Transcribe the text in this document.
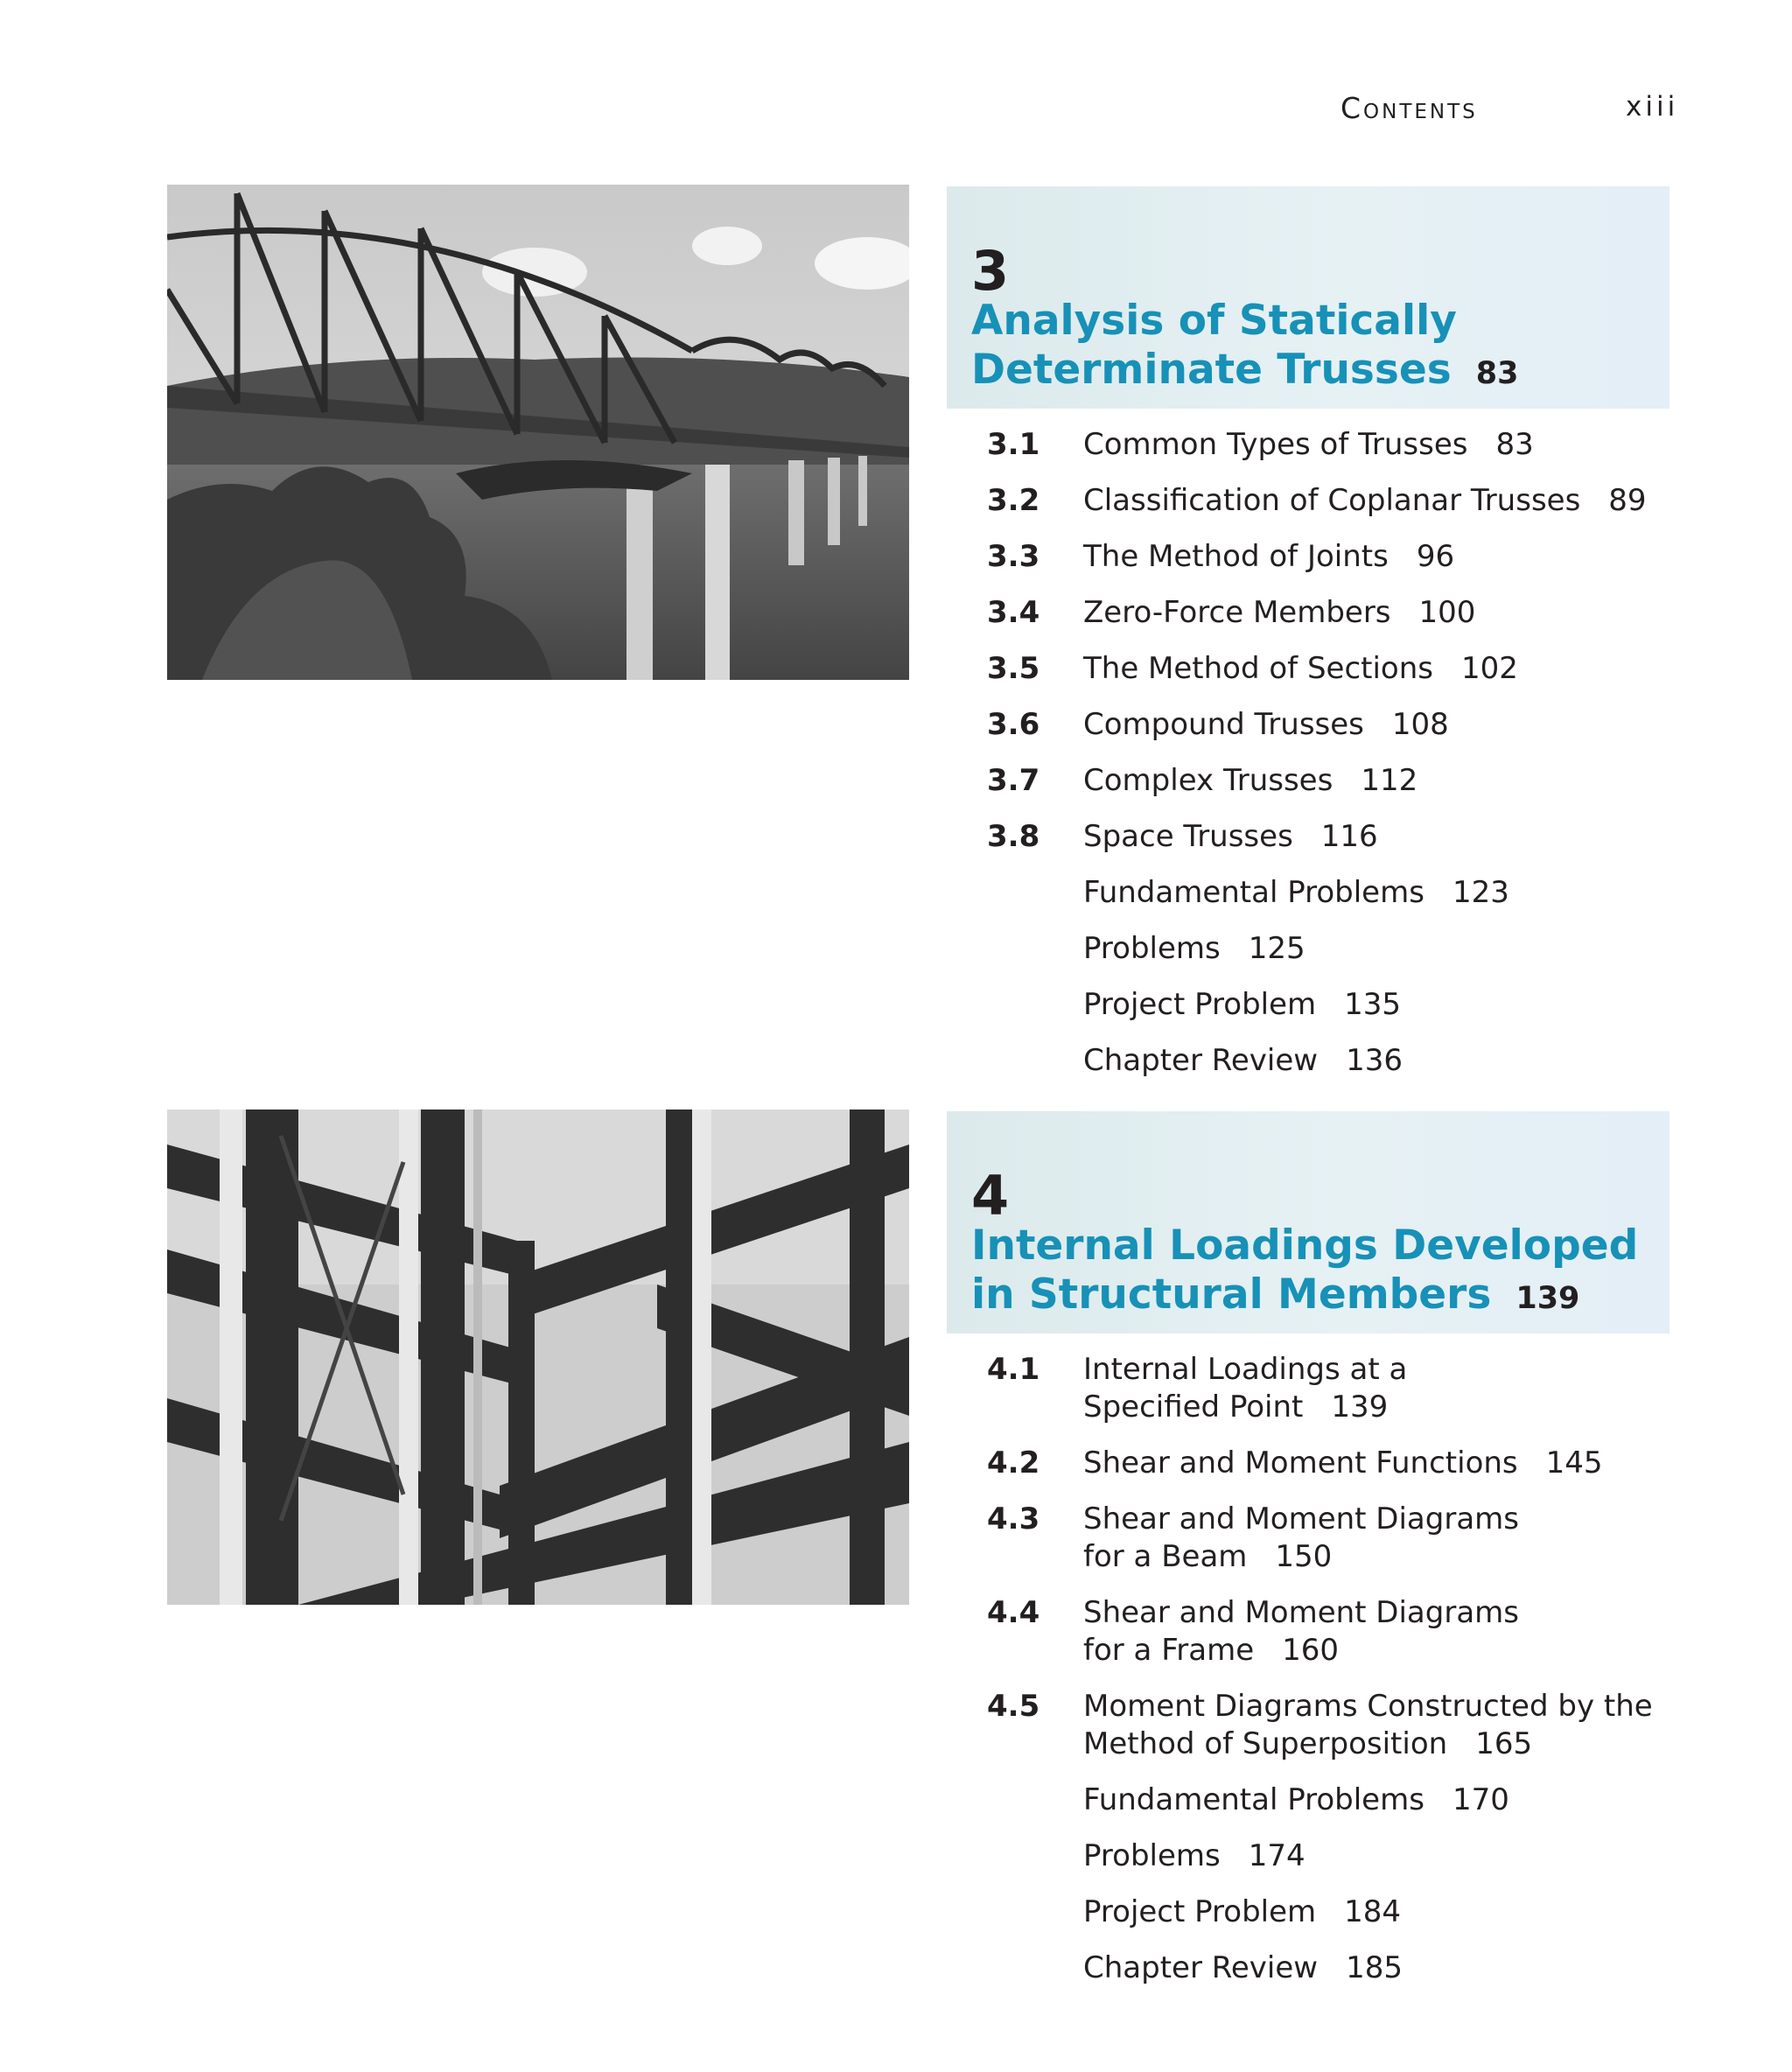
Contents	xiii
3
Analysis of Statically
Determinate Trusses 83
3.1 Common Types of Trusses 83
3.2 Classification of Coplanar Trusses 89
3.3 The Method of Joints 96
3.4 Zero-Force Members 100
3.5 The Method of Sections 102
3.6 Compound Trusses 108
3.7 Complex Trusses 112
3.8 Space Trusses 116
Fundamental Problems 123
Problems 125
Project Problem 135
Chapter Review 136
4
Internal Loadings Developed
in Structural Members 139
4.1 Internal Loadings at a
Specified Point 139
4.2 Shear and Moment Functions 145
4.3 Shear and Moment Diagrams
for a Beam 150
4.4 Shear and Moment Diagrams
for a Frame 160
4.5 Moment Diagrams Constructed by the
Method of Superposition 165
Fundamental Problems 170
Problems 174
Project Problem 184
Chapter Review 185
